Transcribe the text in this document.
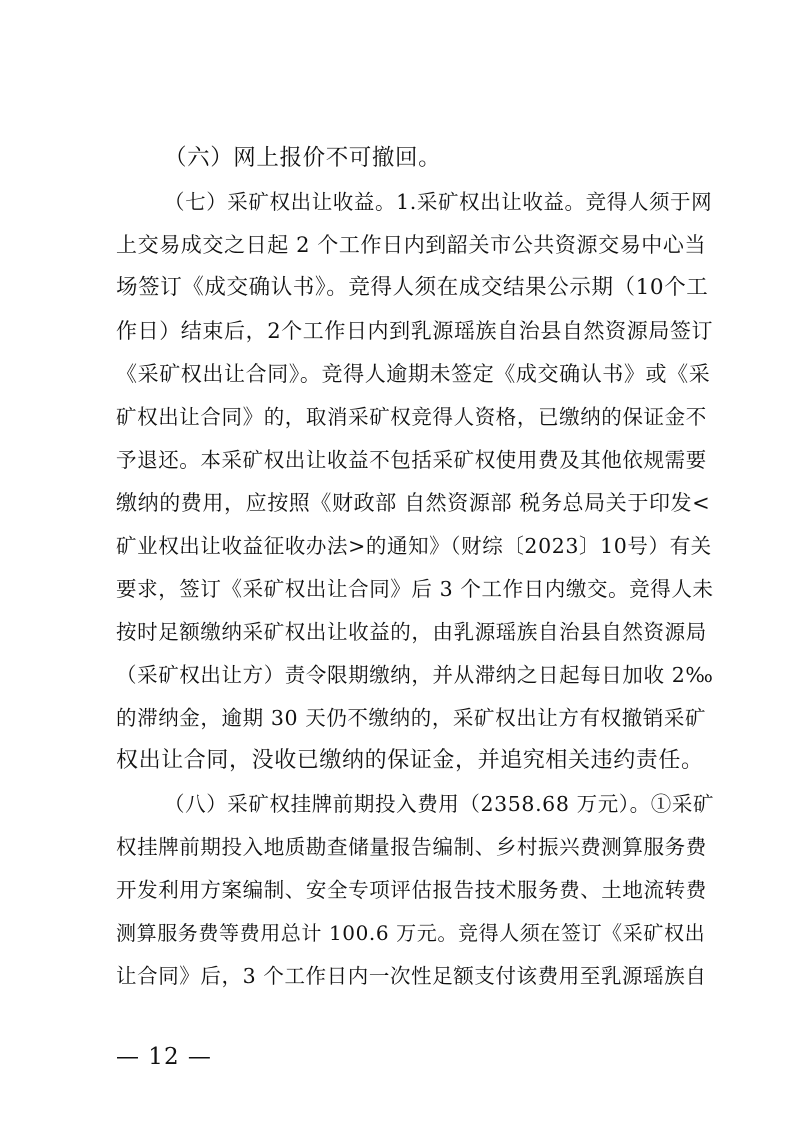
（六）网上报价不可撤回。
（七）采矿权出让收益。1.采矿权出让收益。竞得人须于网
上交易成交之日起 2 个工作日内到韶关市公共资源交易中心当
场签订《成交确认书》。竞得人须在成交结果公示期（10个工
作日）结束后，2个工作日内到乳源瑶族自治县自然资源局签订
《采矿权出让合同》。竞得人逾期未签定《成交确认书》或《采
矿权出让合同》的，取消采矿权竞得人资格，已缴纳的保证金不
予退还。本采矿权出让收益不包括采矿权使用费及其他依规需要
缴纳的费用，应按照《财政部 自然资源部 税务总局关于印发<
矿业权出让收益征收办法>的通知》（财综〔2023〕10号）有关
要求，签订《采矿权出让合同》后 3 个工作日内缴交。竞得人未
按时足额缴纳采矿权出让收益的，由乳源瑶族自治县自然资源局
（采矿权出让方）责令限期缴纳，并从滞纳之日起每日加收 2‰
的滞纳金，逾期 30 天仍不缴纳的，采矿权出让方有权撤销采矿
权出让合同，没收已缴纳的保证金，并追究相关违约责任。
（八）采矿权挂牌前期投入费用（2358.68 万元）。①采矿
权挂牌前期投入地质勘查储量报告编制、乡村振兴费测算服务费
开发利用方案编制、安全专项评估报告技术服务费、土地流转费
测算服务费等费用总计 100.6 万元。竞得人须在签订《采矿权出
让合同》后，3 个工作日内一次性足额支付该费用至乳源瑶族自
— 12 —
